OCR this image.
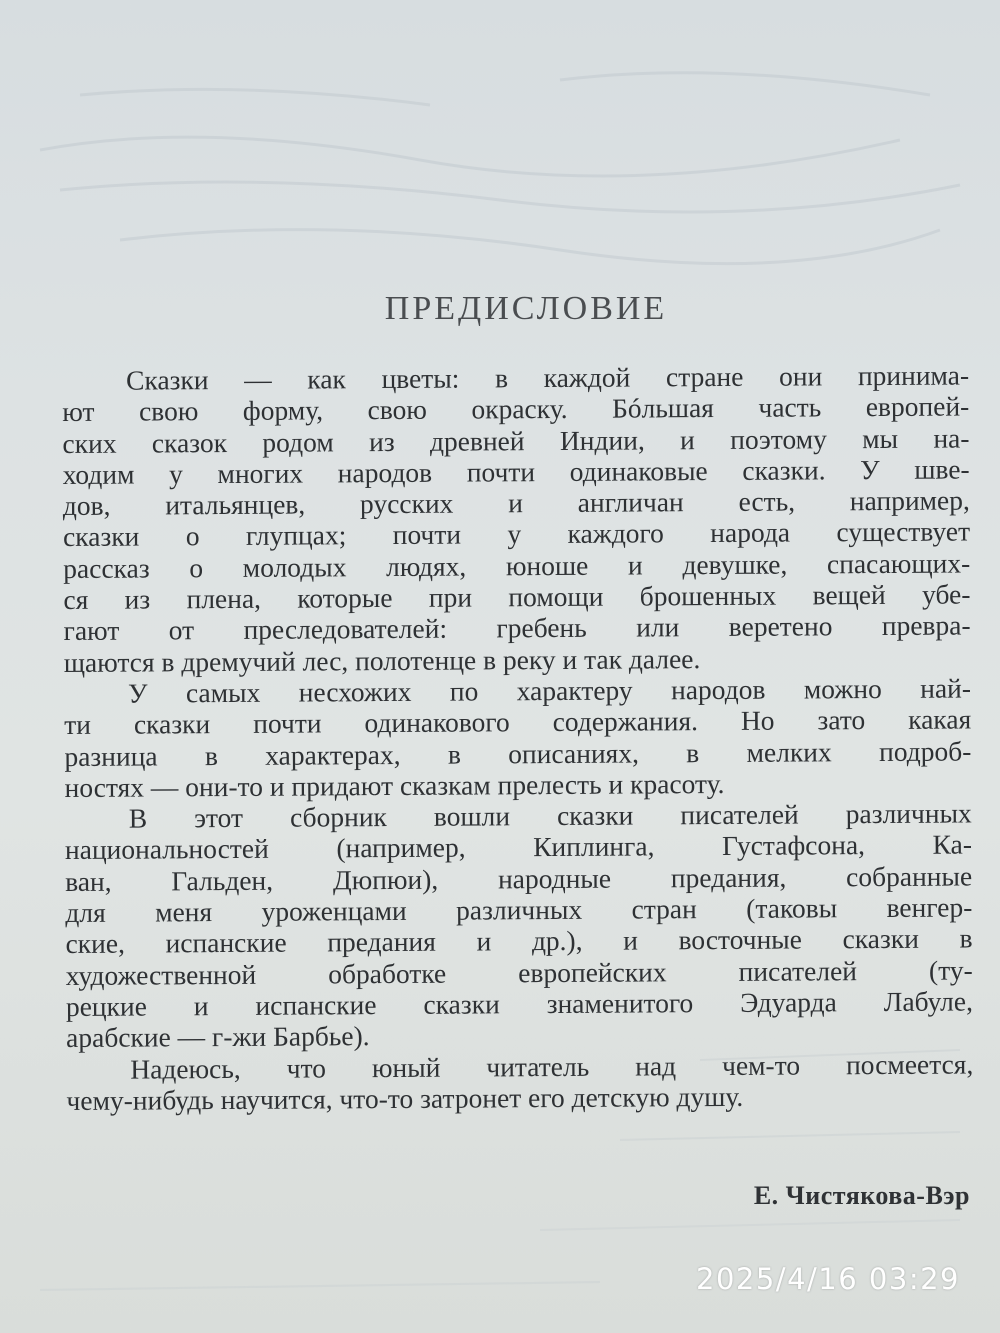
ПРЕДИСЛОВИЕ

Сказки — как цветы: в каждой стране они принима-
ют свою форму, свою окраску. Бóльшая часть европей-
ских сказок родом из древней Индии, и поэтому мы на-
ходим у многих народов почти одинаковые сказки. У шве-
дов, итальянцев, русских и англичан есть, например,
сказки о глупцах; почти у каждого народа существует
рассказ о молодых людях, юноше и девушке, спасающих-
ся из плена, которые при помощи брошенных вещей убе-
гают от преследователей: гребень или веретено превра-
щаются в дремучий лес, полотенце в реку и так далее.

У самых несхожих по характеру народов можно най-
ти сказки почти одинакового содержания. Но зато какая
разница в характерах, в описаниях, в мелких подроб-
ностях — они-то и придают сказкам прелесть и красоту.

В этот сборник вошли сказки писателей различных
национальностей (например, Киплинга, Густафсона, Ка-
ван, Гальден, Дюпюи), народные предания, собранные
для меня уроженцами различных стран (таковы венгер-
ские, испанские предания и др.), и восточные сказки в
художественной обработке европейских писателей (ту-
рецкие и испанские сказки знаменитого Эдуарда Лабуле,
арабские — г-жи Барбье).

Надеюсь, что юный читатель над чем-то посмеется,
чему-нибудь научится, что-то затронет его детскую душу.

Е. Чистякова-Вэр
2025/4/16 03:29
